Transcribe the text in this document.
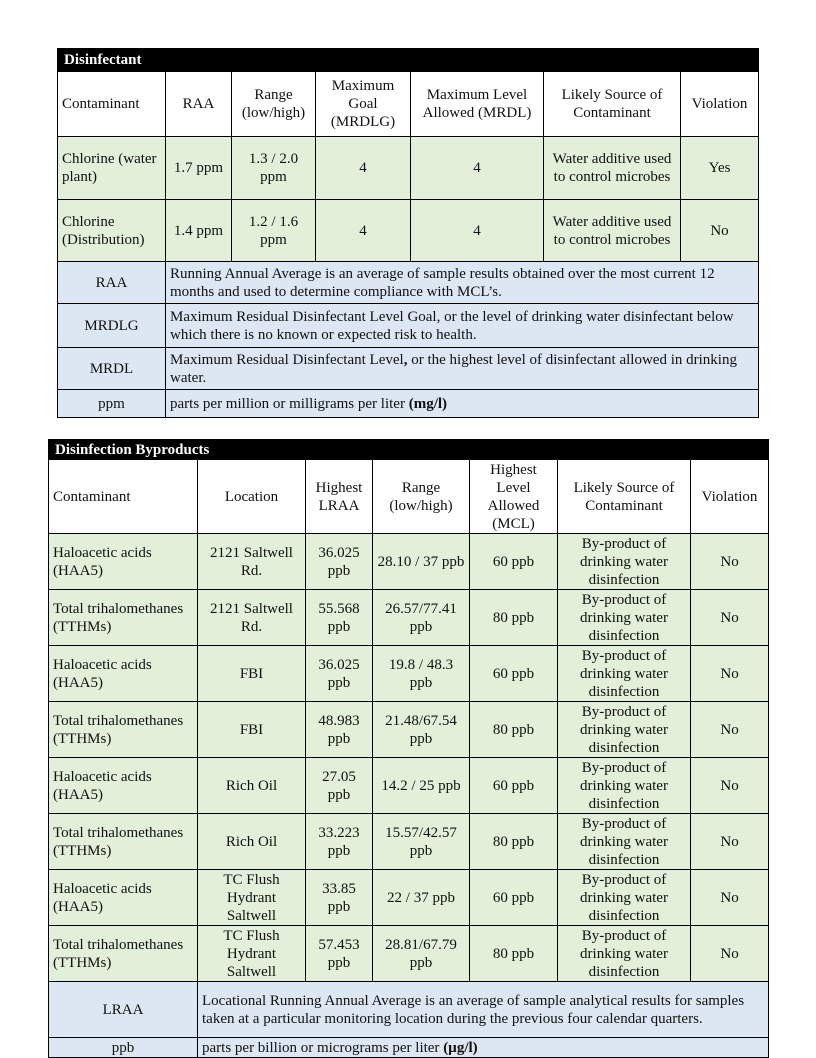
Disinfectant						
Contaminant	RAA	Range (low/high)	Maximum Goal (MRDLG)	Maximum Level Allowed (MRDL)	Likely Source of Contaminant	Violation
Chlorine (water plant)	1.7 ppm	1.3 / 2.0 ppm	4	4	Water additive used to control microbes	Yes
Chlorine (Distribution)	1.4 ppm	1.2 / 1.6 ppm	4	4	Water additive used to control microbes	No
RAA	Running Annual Average is an average of sample results obtained over the most current 12 months and used to determine compliance with MCL’s.					
MRDLG	Maximum Residual Disinfectant Level Goal, or the level of drinking water disinfectant below which there is no known or expected risk to health.					
MRDL	Maximum Residual Disinfectant Level, or the highest level of disinfectant allowed in drinking water.					
ppm	parts per million or milligrams per liter (mg/l)					
Disinfection Byproducts						
Contaminant	Location	Highest LRAA	Range (low/high)	Highest Level Allowed (MCL)	Likely Source of Contaminant	Violation
Haloacetic acids (HAA5)	2121 Saltwell Rd.	36.025 ppb	28.10 / 37 ppb	60 ppb	By-product of drinking water disinfection	No
Total trihalomethanes (TTHMs)	2121 Saltwell Rd.	55.568 ppb	26.57/77.41 ppb	80 ppb	By-product of drinking water disinfection	No
Haloacetic acids (HAA5)	FBI	36.025 ppb	19.8 / 48.3 ppb	60 ppb	By-product of drinking water disinfection	No
Total trihalomethanes (TTHMs)	FBI	48.983 ppb	21.48/67.54 ppb	80 ppb	By-product of drinking water disinfection	No
Haloacetic acids (HAA5)	Rich Oil	27.05 ppb	14.2 / 25 ppb	60 ppb	By-product of drinking water disinfection	No
Total trihalomethanes (TTHMs)	Rich Oil	33.223 ppb	15.57/42.57 ppb	80 ppb	By-product of drinking water disinfection	No
Haloacetic acids (HAA5)	TC Flush Hydrant Saltwell	33.85 ppb	22 / 37 ppb	60 ppb	By-product of drinking water disinfection	No
Total trihalomethanes (TTHMs)	TC Flush Hydrant Saltwell	57.453 ppb	28.81/67.79 ppb	80 ppb	By-product of drinking water disinfection	No
LRAA	Locational Running Annual Average is an average of sample analytical results for samples taken at a particular monitoring location during the previous four calendar quarters.					
ppb	parts per billion or micrograms per liter (µg/l)					
